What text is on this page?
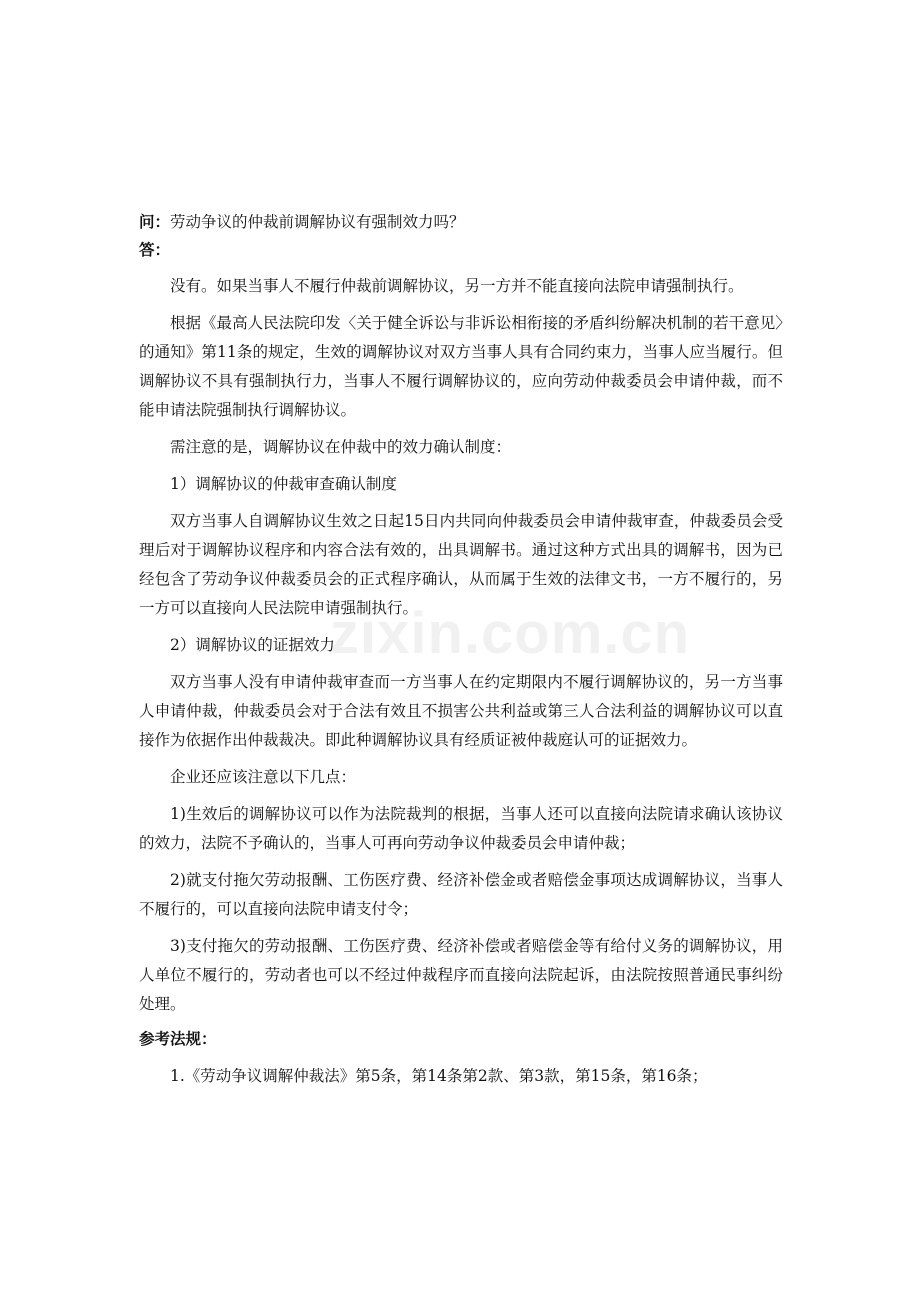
zixin.com.cn

问：劳动争议的仲裁前调解协议有强制效力吗？

答：

没有。如果当事人不履行仲裁前调解协议，另一方并不能直接向法院申请强制执行。

根据《最高人民法院印发〈关于健全诉讼与非诉讼相衔接的矛盾纠纷解决机制的若干意见〉的通知》第11条的规定，生效的调解协议对双方当事人具有合同约束力，当事人应当履行。但调解协议不具有强制执行力，当事人不履行调解协议的，应向劳动仲裁委员会申请仲裁，而不能申请法院强制执行调解协议。

需注意的是，调解协议在仲裁中的效力确认制度：

1）调解协议的仲裁审查确认制度

双方当事人自调解协议生效之日起15日内共同向仲裁委员会申请仲裁审查，仲裁委员会受理后对于调解协议程序和内容合法有效的，出具调解书。通过这种方式出具的调解书，因为已经包含了劳动争议仲裁委员会的正式程序确认，从而属于生效的法律文书，一方不履行的，另一方可以直接向人民法院申请强制执行。

2）调解协议的证据效力

双方当事人没有申请仲裁审查而一方当事人在约定期限内不履行调解协议的，另一方当事人申请仲裁，仲裁委员会对于合法有效且不损害公共利益或第三人合法利益的调解协议可以直接作为依据作出仲裁裁决。即此种调解协议具有经质证被仲裁庭认可的证据效力。

企业还应该注意以下几点：

1)生效后的调解协议可以作为法院裁判的根据，当事人还可以直接向法院请求确认该协议的效力，法院不予确认的，当事人可再向劳动争议仲裁委员会申请仲裁；

2)就支付拖欠劳动报酬、工伤医疗费、经济补偿金或者赔偿金事项达成调解协议，当事人不履行的，可以直接向法院申请支付令；

3)支付拖欠的劳动报酬、工伤医疗费、经济补偿或者赔偿金等有给付义务的调解协议，用人单位不履行的，劳动者也可以不经过仲裁程序而直接向法院起诉，由法院按照普通民事纠纷处理。

参考法规：

1.《劳动争议调解仲裁法》第5条，第14条第2款、第3款，第15条，第16条；
